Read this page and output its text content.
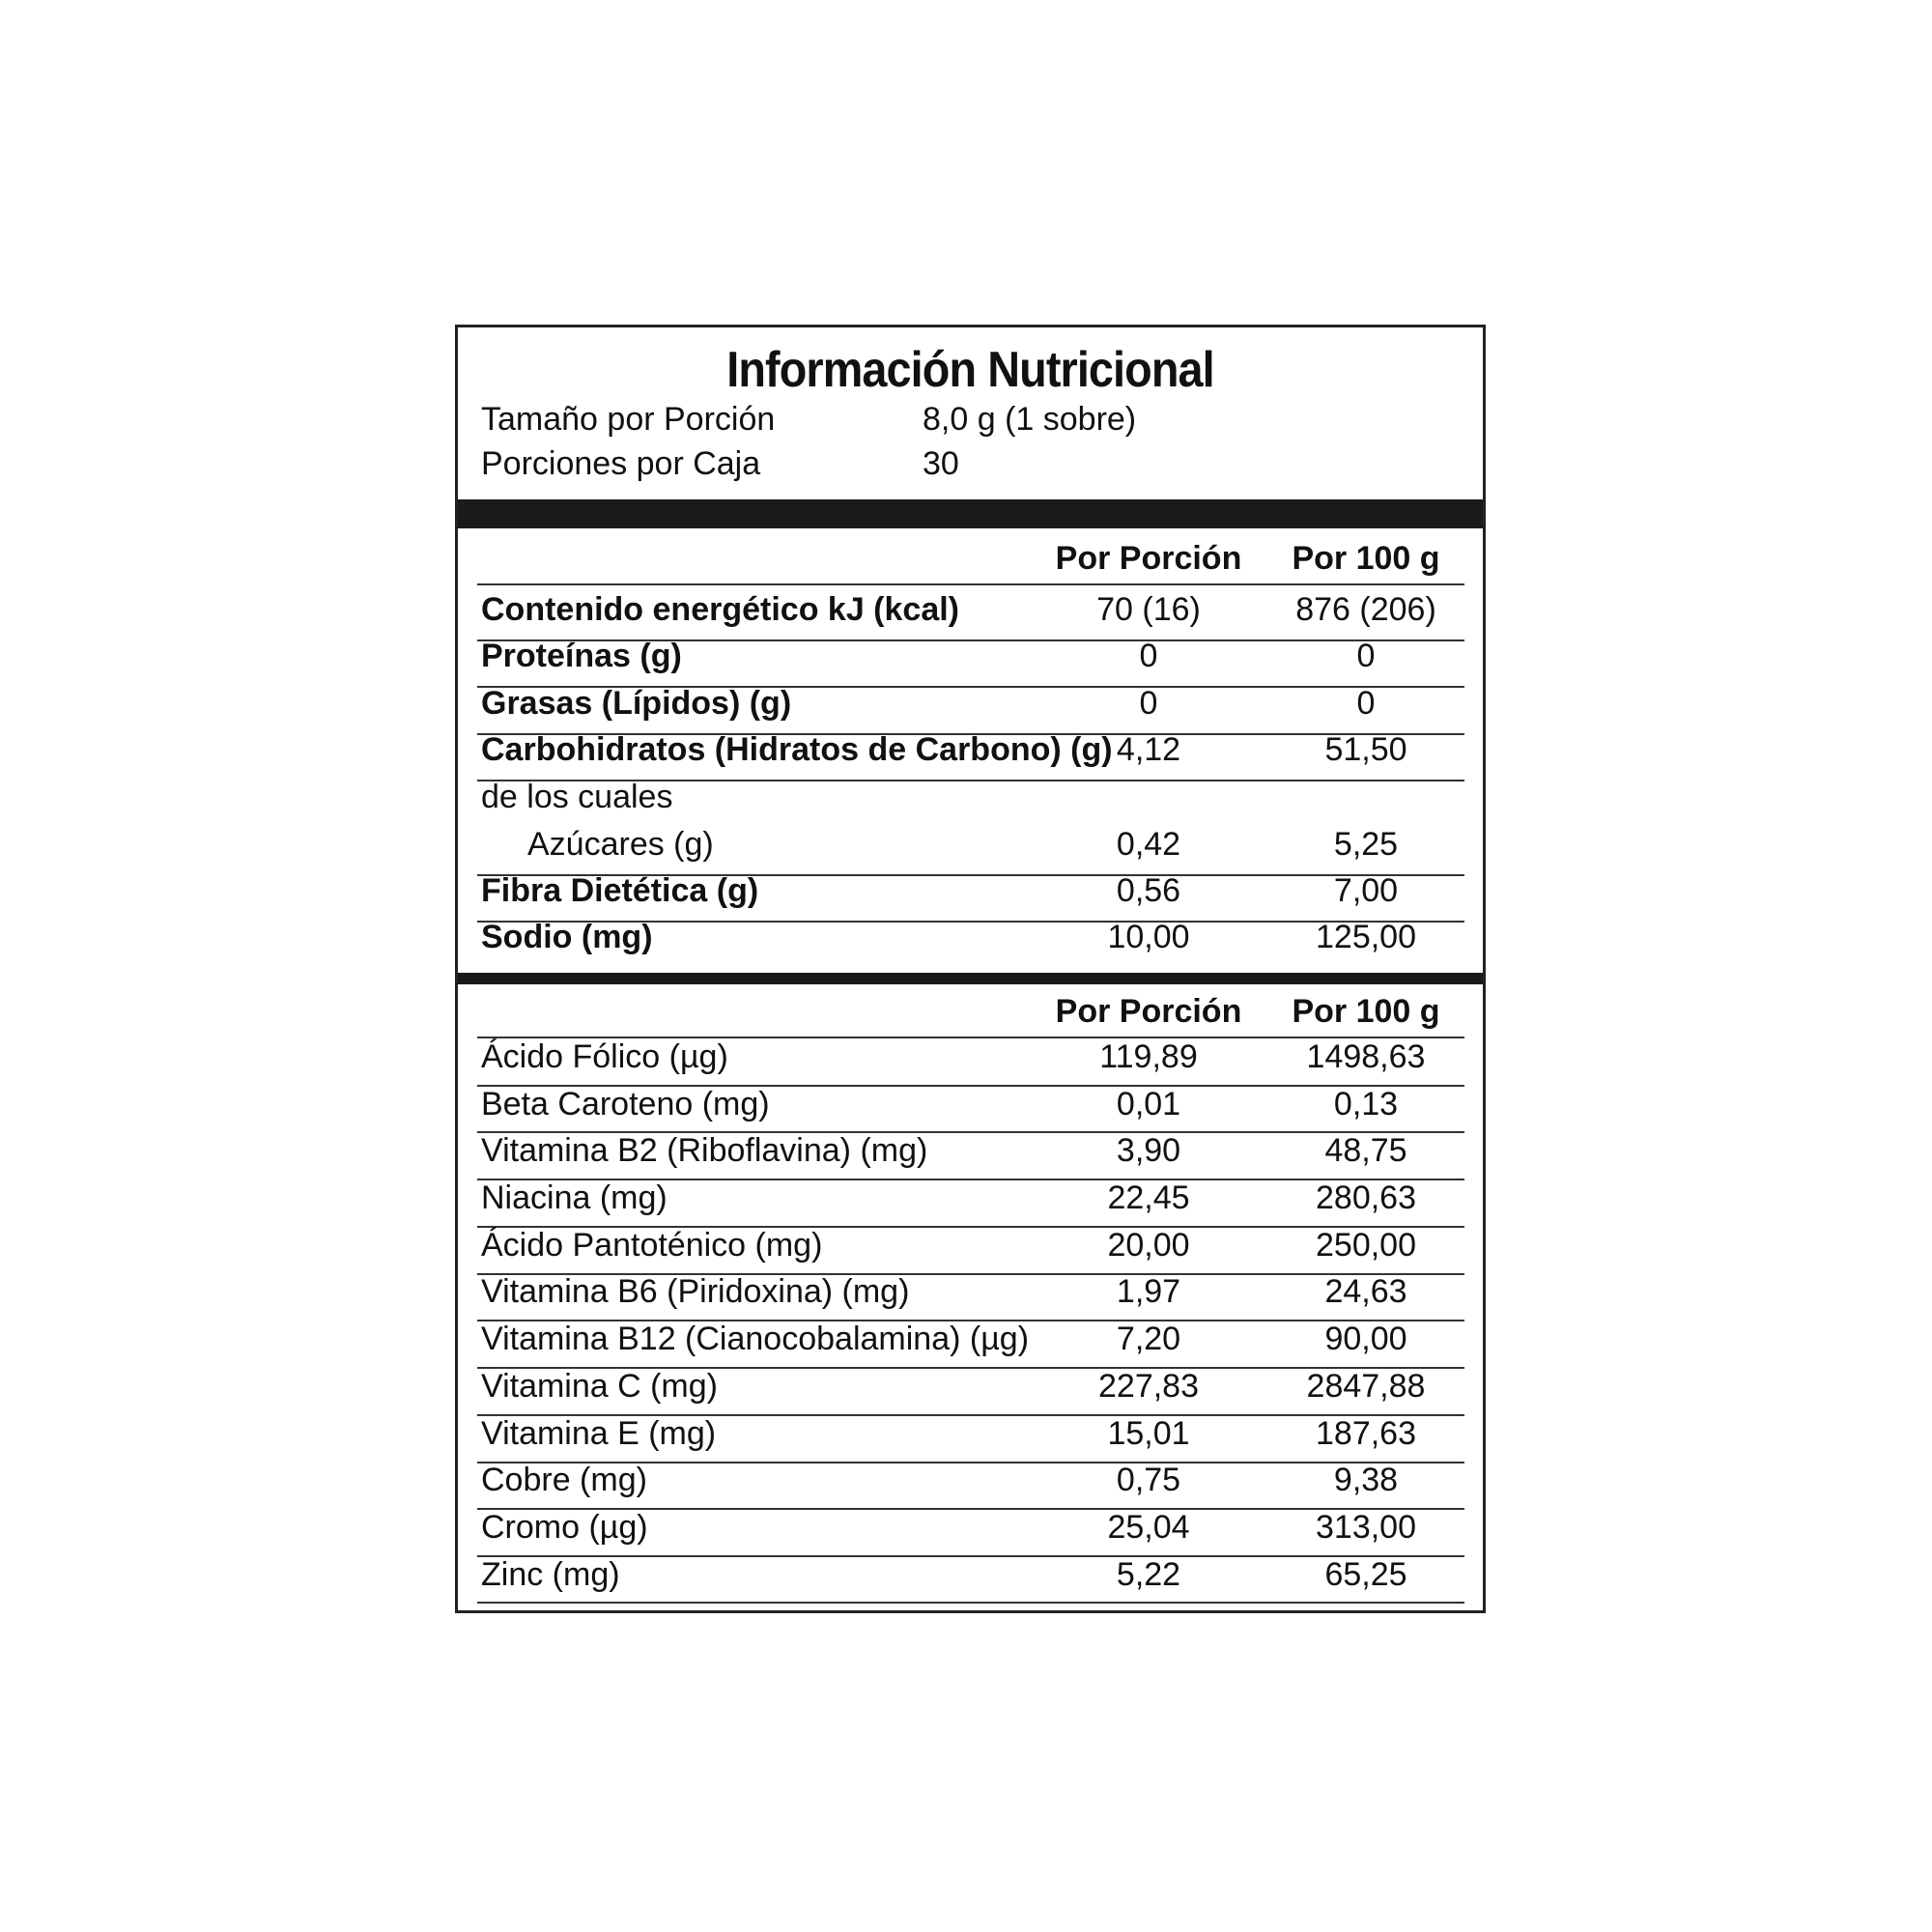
Información Nutricional
Tamaño por Porción	8,0 g (1 sobre)
Porciones por Caja	30
Por Porción	Por 100 g
Contenido energético kJ (kcal)	70 (16)	876 (206)
Proteínas (g)	0	0
Grasas (Lípidos) (g)	0	0
Carbohidratos (Hidratos de Carbono) (g) 4,12	51,50
de los cuales
Azúcares (g)	0,42	5,25
Fibra Dietética (g)	0,56	7,00
Sodio (mg)	10,00	125,00
Por Porción	Por 100 g
Ácido Fólico (µg)	119,89	1498,63
Beta Caroteno (mg)	0,01	0,13
Vitamina B2 (Riboflavina) (mg)	3,90	48,75
Niacina (mg)	22,45	280,63
Ácido Pantoténico (mg)	20,00	250,00
Vitamina B6 (Piridoxina) (mg)	1,97	24,63
Vitamina B12 (Cianocobalamina) (µg)	7,20	90,00
Vitamina C (mg)	227,83	2847,88
Vitamina E (mg)	15,01	187,63
Cobre (mg)	0,75	9,38
Cromo (µg)	25,04	313,00
Zinc (mg)	5,22	65,25
